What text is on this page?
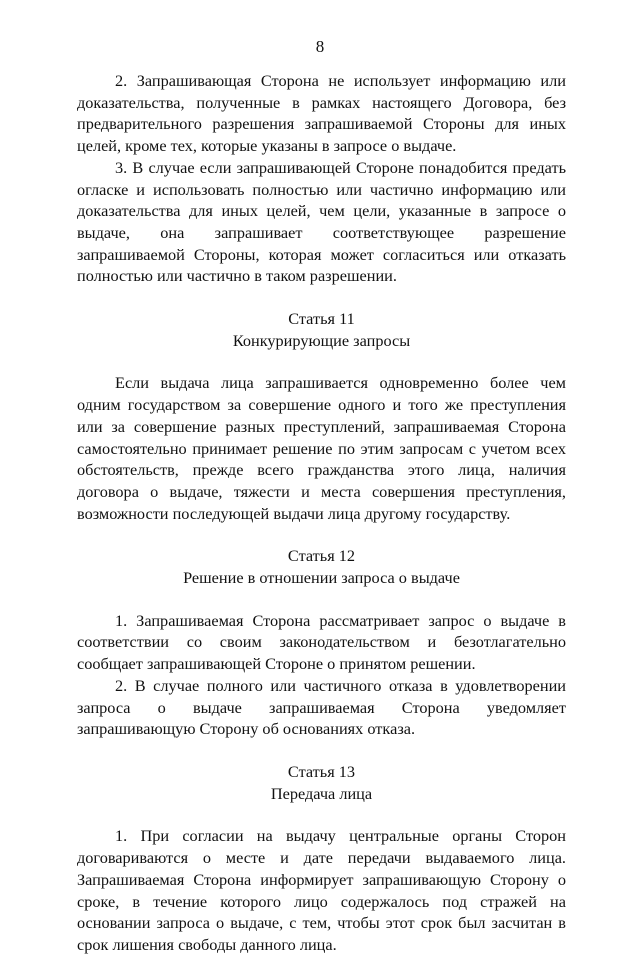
8

2. Запрашивающая Сторона не использует информацию или доказательства, полученные в рамках настоящего Договора, без предварительного разрешения запрашиваемой Стороны для иных целей, кроме тех, которые указаны в запросе о выдаче.

3. В случае если запрашивающей Стороне понадобится предать огласке и использовать полностью или частично информацию или доказательства для иных целей, чем цели, указанные в запросе о выдаче, она запрашивает соответствующее разрешение запрашиваемой Стороны, которая может согласиться или отказать полностью или частично в таком разрешении.

Статья 11
Конкурирующие запросы

Если выдача лица запрашивается одновременно более чем одним государством за совершение одного и того же преступления или за совершение разных преступлений, запрашиваемая Сторона самостоятельно принимает решение по этим запросам с учетом всех обстоятельств, прежде всего гражданства этого лица, наличия договора о выдаче, тяжести и места совершения преступления, возможности последующей выдачи лица другому государству.

Статья 12
Решение в отношении запроса о выдаче

1. Запрашиваемая Сторона рассматривает запрос о выдаче в соответствии со своим законодательством и безотлагательно сообщает запрашивающей Стороне о принятом решении.

2. В случае полного или частичного отказа в удовлетворении запроса о выдаче запрашиваемая Сторона уведомляет запрашивающую Сторону об основаниях отказа.

Статья 13
Передача лица

1. При согласии на выдачу центральные органы Сторон договариваются о месте и дате передачи выдаваемого лица. Запрашиваемая Сторона информирует запрашивающую Сторону о сроке, в течение которого лицо содержалось под стражей на основании запроса о выдаче, с тем, чтобы этот срок был засчитан в срок лишения свободы данного лица.
